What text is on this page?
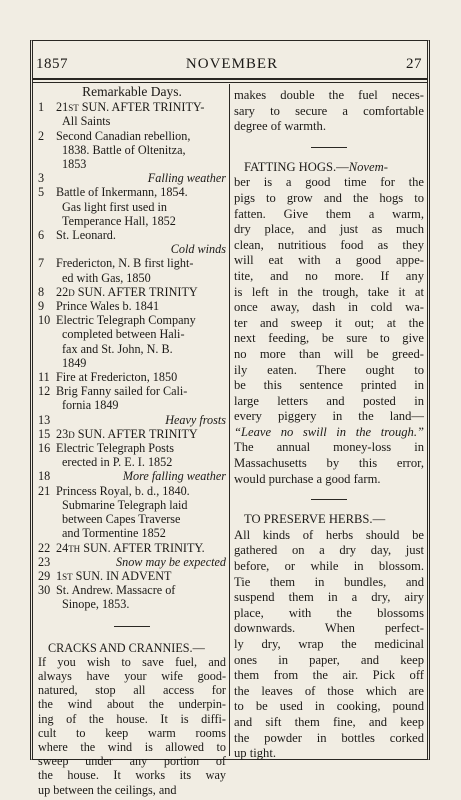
1857	NOVEMBER	27
Remarkable Days.
1 21st SUN. AFTER TRINITY-
All Saints
2 Second Canadian rebellion,
1838. Battle of Oltenitza,
1853
3	Falling weather
5 Battle of Inkermann, 1854.
Gas light first used in
Temperance Hall, 1852
6 St. Leonard.
Cold winds
7 Fredericton, N. B first light-
ed with Gas, 1850
8 22d SUN. AFTER TRINITY
9 Prince Wales b. 1841
10 Electric Telegraph Company
completed between Hali-
fax and St. John, N. B.
1849
11 Fire at Fredericton, 1850
12 Brig Fanny sailed for Cali-
fornia 1849
13	Heavy frosts
15 23d SUN. AFTER TRINITY
16 Electric Telegraph Posts
erected in P. E. I. 1852
18	More falling weather
21 Princess Royal, b. d., 1840.
Submarine Telegraph laid
between Capes Traverse
and Tormentine 1852
22 24th SUN. AFTER TRINITY.
23	Snow may be expected
29 1st SUN. IN ADVENT
30 St. Andrew. Massacre of
Sinope, 1853.
CRACKS AND CRANNIES.—
If you wish to save fuel, and
always have your wife good-
natured, stop all access for
the wind about the underpin-
ing of the house. It is diffi-
cult to keep warm rooms
where the wind is allowed to
sweep under any portion of
the house. It works its way
up between the ceilings, and
makes double the fuel neces-
sary to secure a comfortable
degree of warmth.
FATTING HOGS.—Novem-
ber is a good time for the
pigs to grow and the hogs to
fatten. Give them a warm,
dry place, and just as much
clean, nutritious food as they
will eat with a good appe-
tite, and no more. If any
is left in the trough, take it at
once away, dash in cold wa-
ter and sweep it out; at the
next feeding, be sure to give
no more than will be greed-
ily eaten. There ought to
be this sentence printed in
large letters and posted in
every piggery in the land—
“Leave no swill in the trough.”
The annual money-loss in
Massachusetts by this error,
would purchase a good farm.
TO PRESERVE HERBS.—
All kinds of herbs should be
gathered on a dry day, just
before, or while in blossom.
Tie them in bundles, and
suspend them in a dry, airy
place, with the blossoms
downwards. When perfect-
ly dry, wrap the medicinal
ones in paper, and keep
them from the air. Pick off
the leaves of those which are
to be used in cooking, pound
and sift them fine, and keep
the powder in bottles corked
up tight.
